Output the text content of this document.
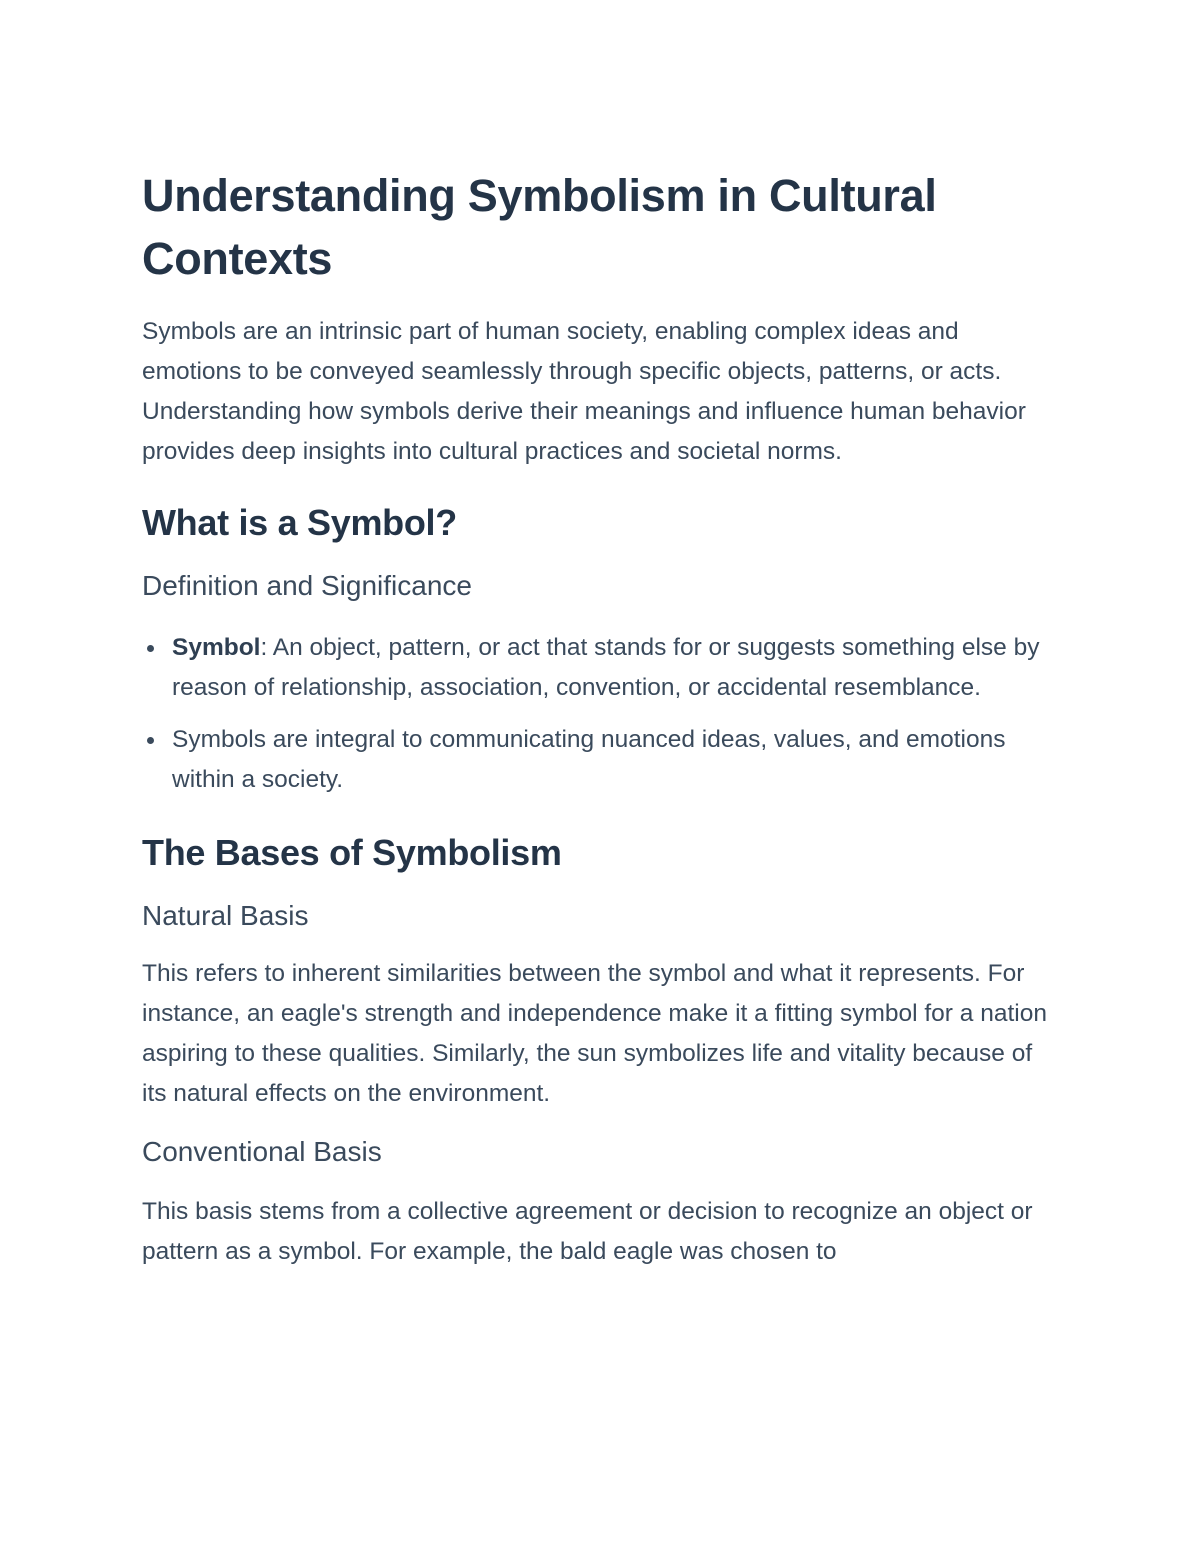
Understanding Symbolism in Cultural Contexts

Symbols are an intrinsic part of human society, enabling complex ideas and emotions to be conveyed seamlessly through specific objects, patterns, or acts. Understanding how symbols derive their meanings and influence human behavior provides deep insights into cultural practices and societal norms.

What is a Symbol?
Definition and Significance
Symbol: An object, pattern, or act that stands for or suggests something else by reason of relationship, association, convention, or accidental resemblance.
Symbols are integral to communicating nuanced ideas, values, and emotions within a society.
The Bases of Symbolism
Natural Basis

This refers to inherent similarities between the symbol and what it represents. For instance, an eagle's strength and independence make it a fitting symbol for a nation aspiring to these qualities. Similarly, the sun symbolizes life and vitality because of its natural effects on the environment.

Conventional Basis

This basis stems from a collective agreement or decision to recognize an object or pattern as a symbol. For example, the bald eagle was chosen to
